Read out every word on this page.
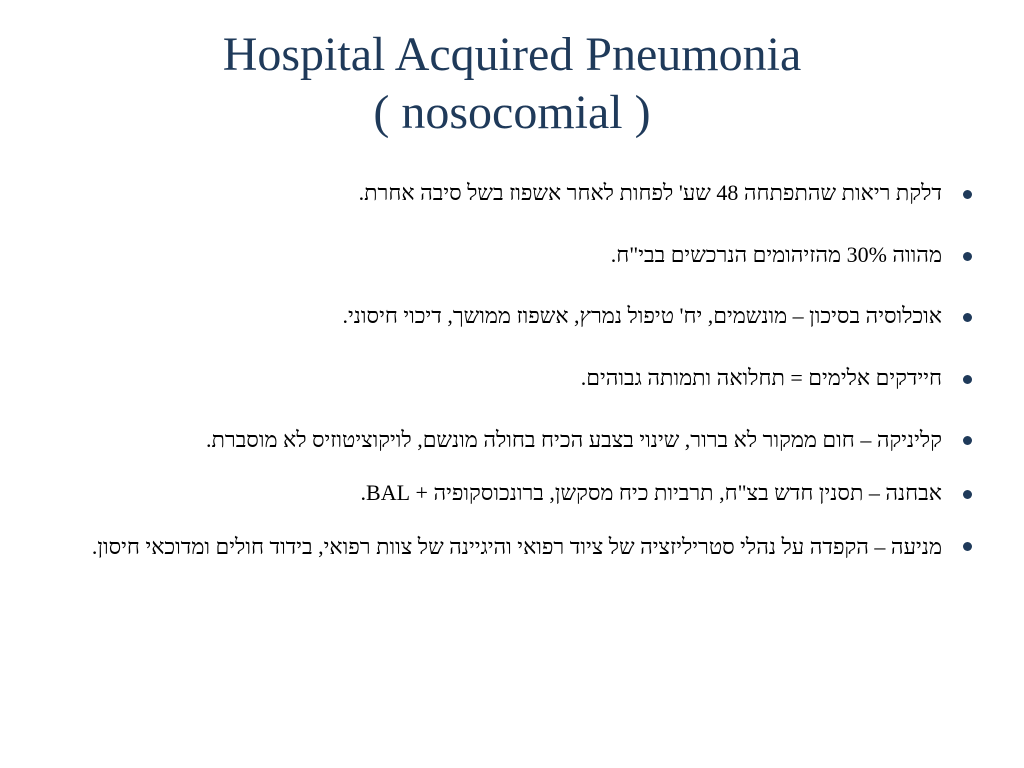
Hospital Acquired Pneumonia
( nosocomial )
דלקת ריאות שהתפתחה 48 שע' לפחות לאחר אשפוז בשל סיבה אחרת.
מהווה 30% מהזיהומים הנרכשים בבי"ח.
אוכלוסיה בסיכון – מונשמים, יח' טיפול נמרץ, אשפוז ממושך, דיכוי חיסוני.
חיידקים אלימים = תחלואה ותמותה גבוהים.
קליניקה – חום ממקור לא ברור, שינוי בצבע הכיח בחולה מונשם, לויקוציטוזיס לא מוסברת.
אבחנה – תסנין חדש בצ"ח, תרביות כיח מסקשן, ברונכוסקופיה + BAL.
מניעה – הקפדה על נהלי סטריליזציה של ציוד רפואי והיגיינה של צוות רפואי, בידוד חולים ומדוכאי חיסון.
